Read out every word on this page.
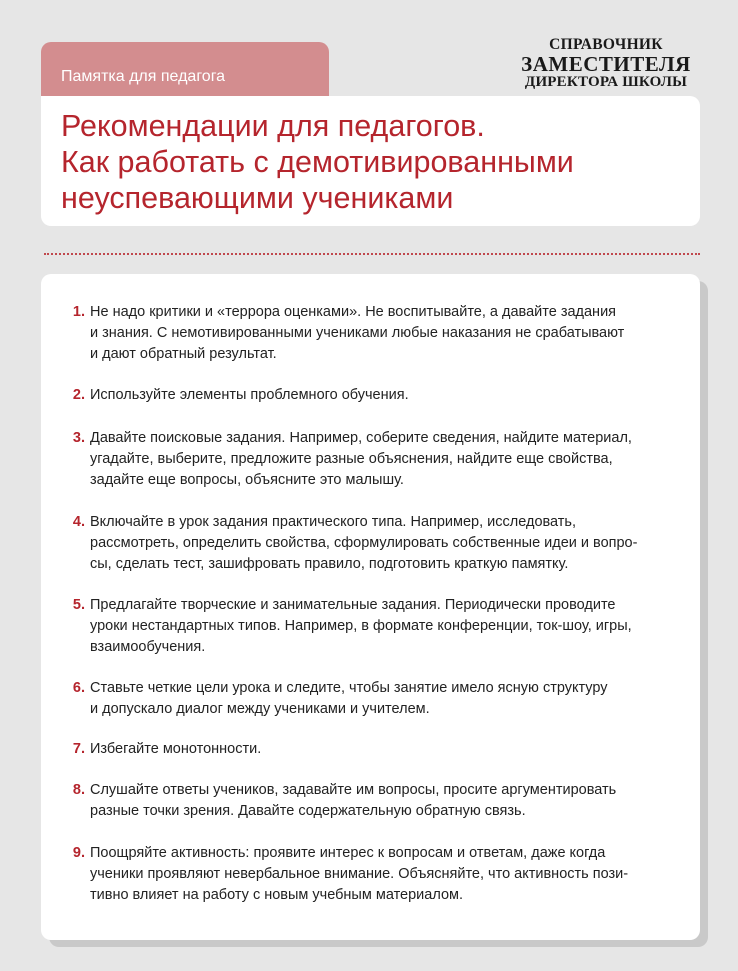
Памятка для педагога
СПРАВОЧНИК
ЗАМЕСТИТЕЛЯ
ДИРЕКТОРА ШКОЛЫ
Рекомендации для педагогов.
Как работать с демотивированными
неуспевающими учениками
1. Не надо критики и «террора оценками». Не воспитывайте, а давайте задания
и знания. С немотивированными учениками любые наказания не срабатывают
и дают обратный результат.
2. Используйте элементы проблемного обучения.
3. Давайте поисковые задания. Например, соберите сведения, найдите материал,
угадайте, выберите, предложите разные объяснения, найдите еще свойства,
задайте еще вопросы, объясните это малышу.
4. Включайте в урок задания практического типа. Например, исследовать,
рассмотреть, определить свойства, сформулировать собственные идеи и вопро-
сы, сделать тест, зашифровать правило, подготовить краткую памятку.
5. Предлагайте творческие и занимательные задания. Периодически проводите
уроки нестандартных типов. Например, в формате конференции, ток-шоу, игры,
взаимообучения.
6. Ставьте четкие цели урока и следите, чтобы занятие имело ясную структуру
и допускало диалог между учениками и учителем.
7. Избегайте монотонности.
8. Слушайте ответы учеников, задавайте им вопросы, просите аргументировать
разные точки зрения. Давайте содержательную обратную связь.
9. Поощряйте активность: проявите интерес к вопросам и ответам, даже когда
ученики проявляют невербальное внимание. Объясняйте, что активность пози-
тивно влияет на работу с новым учебным материалом.
